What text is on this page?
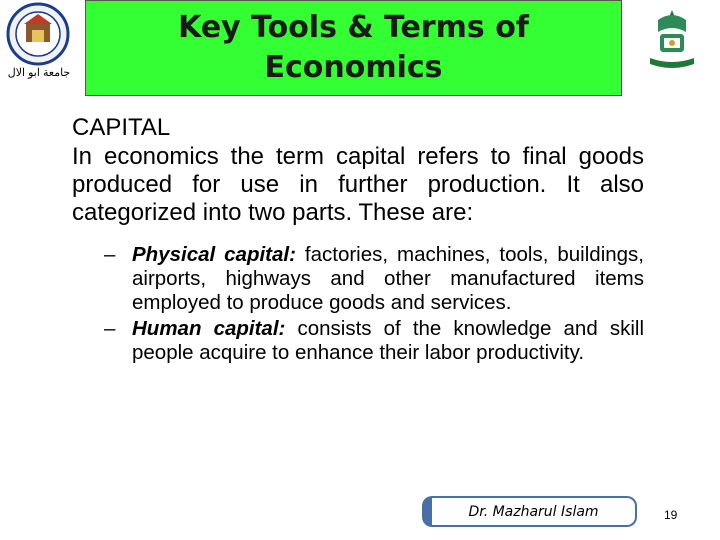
جامعة ابو الال
Key Tools & Terms of Economics

CAPITAL

In economics the term capital refers to final goods produced for use in further production. It also categorized into two parts. These are:

– Physical capital: factories, machines, tools, buildings, airports, highways and other manufactured items employed to produce goods and services.
– Human capital: consists of the knowledge and skill people acquire to enhance their labor productivity.
Dr. Mazharul Islam	19
